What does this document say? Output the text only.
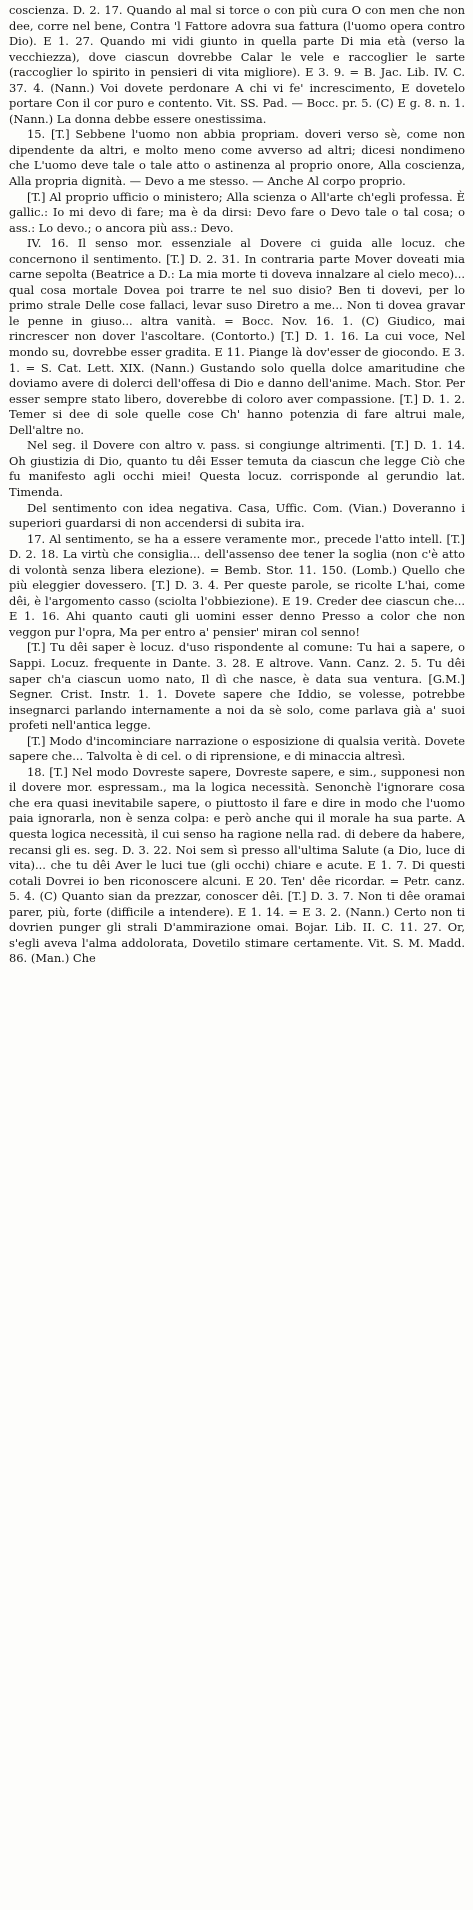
coscienza. D. 2. 17. Quando al mal si torce o con più cura O con men che non dee, corre nel bene, Contra 'l Fattore adovra sua fattura (l'uomo opera contro Dio). E 1. 27. Quando mi vidi giunto in quella parte Di mia età (verso la vecchiezza), dove ciascun dovrebbe Calar le vele e raccoglier le sarte (raccoglier lo spirito in pensieri di vita migliore). E 3. 9. = B. Jac. Lib. IV. C. 37. 4. (Nann.) Voi dovete perdonare A chi vi fe' increscimento, E dovetelo portare Con il cor puro e contento. Vit. SS. Pad. — Bocc. pr. 5. (C) E g. 8. n. 1. (Nann.) La donna debbe essere onestissima.

15. [T.] Sebbene l'uomo non abbia propriam. doveri verso sè, come non dipendente da altri, e molto meno come avverso ad altri; dicesi nondimeno che L'uomo deve tale o tale atto o astinenza al proprio onore, Alla coscienza, Alla propria dignità. — Devo a me stesso. — Anche Al corpo proprio.

[T.] Al proprio ufficio o ministero; Alla scienza o All'arte ch'egli professa. È gallic.: Io mi devo di fare; ma è da dirsi: Devo fare o Devo tale o tal cosa; o ass.: Lo devo.; o ancora più ass.: Devo.

IV. 16. Il senso mor. essenziale al Dovere ci guida alle locuz. che concernono il sentimento. [T.] D. 2. 31. In contraria parte Mover doveati mia carne sepolta (Beatrice a D.: La mia morte ti doveva innalzare al cielo meco)... qual cosa mortale Dovea poi trarre te nel suo disio? Ben ti dovevi, per lo primo strale Delle cose fallaci, levar suso Diretro a me... Non ti dovea gravar le penne in giuso... altra vanità. = Bocc. Nov. 16. 1. (C) Giudico, mai rincrescer non dover l'ascoltare. (Contorto.) [T.] D. 1. 16. La cui voce, Nel mondo su, dovrebbe esser gradita. E 11. Piange là dov'esser de giocondo. E 3. 1. = S. Cat. Lett. XIX. (Nann.) Gustando solo quella dolce amaritudine che doviamo avere di dolerci dell'offesa di Dio e danno dell'anime. Mach. Stor. Per esser sempre stato libero, doverebbe di coloro aver compassione. [T.] D. 1. 2. Temer si dee di sole quelle cose Ch' hanno potenzia di fare altrui male, Dell'altre no.

Nel seg. il Dovere con altro v. pass. si congiunge altrimenti. [T.] D. 1. 14. Oh giustizia di Dio, quanto tu dêi Esser temuta da ciascun che legge Ciò che fu manifesto agli occhi miei! Questa locuz. corrisponde al gerundio lat. Timenda.

Del sentimento con idea negativa. Casa, Uffic. Com. (Vian.) Doveranno i superiori guardarsi di non accendersi di subita ira.

17. Al sentimento, se ha a essere veramente mor., precede l'atto intell. [T.] D. 2. 18. La virtù che consiglia... dell'assenso dee tener la soglia (non c'è atto di volontà senza libera elezione). = Bemb. Stor. 11. 150. (Lomb.) Quello che più eleggier dovessero. [T.] D. 3. 4. Per queste parole, se ricolte L'hai, come dêi, è l'argomento casso (sciolta l'obbiezione). E 19. Creder dee ciascun che... E 1. 16. Ahi quanto cauti gli uomini esser denno Presso a color che non veggon pur l'opra, Ma per entro a' pensier' miran col senno!

[T.] Tu dêi saper è locuz. d'uso rispondente al comune: Tu hai a sapere, o Sappi. Locuz. frequente in Dante. 3. 28. E altrove. Vann. Canz. 2. 5. Tu dêi saper ch'a ciascun uomo nato, Il dì che nasce, è data sua ventura. [G.M.] Segner. Crist. Instr. 1. 1. Dovete sapere che Iddio, se volesse, potrebbe insegnarci parlando internamente a noi da sè solo, come parlava già a' suoi profeti nell'antica legge.

[T.] Modo d'incominciare narrazione o esposizione di qualsia verità. Dovete sapere che... Talvolta è di cel. o di riprensione, e di minaccia altresì.

18. [T.] Nel modo Dovreste sapere, Dovreste sapere, e sim., supponesi non il dovere mor. espressam., ma la logica necessità. Senonchè l'ignorare cosa che era quasi inevitabile sapere, o piuttosto il fare e dire in modo che l'uomo paia ignorarla, non è senza colpa: e però anche qui il morale ha sua parte. A questa logica necessità, il cui senso ha ragione nella rad. di debere da habere, recansi gli es. seg. D. 3. 22. Noi sem sì presso all'ultima Salute (a Dio, luce di vita)... che tu dêi Aver le luci tue (gli occhi) chiare e acute. E 1. 7. Di questi cotali Dovrei io ben riconoscere alcuni. E 20. Ten' dêe ricordar. = Petr. canz. 5. 4. (C) Quanto sian da prezzar, conoscer dêi. [T.] D. 3. 7. Non ti dêe oramai parer, più, forte (difficile a intendere). E 1. 14. = E 3. 2. (Nann.) Certo non ti dovrien punger gli strali D'ammirazione omai. Bojar. Lib. II. C. 11. 27. Or, s'egli aveva l'alma addolorata, Dovetilo stimare certamente. Vit. S. M. Madd. 86. (Man.) Che
